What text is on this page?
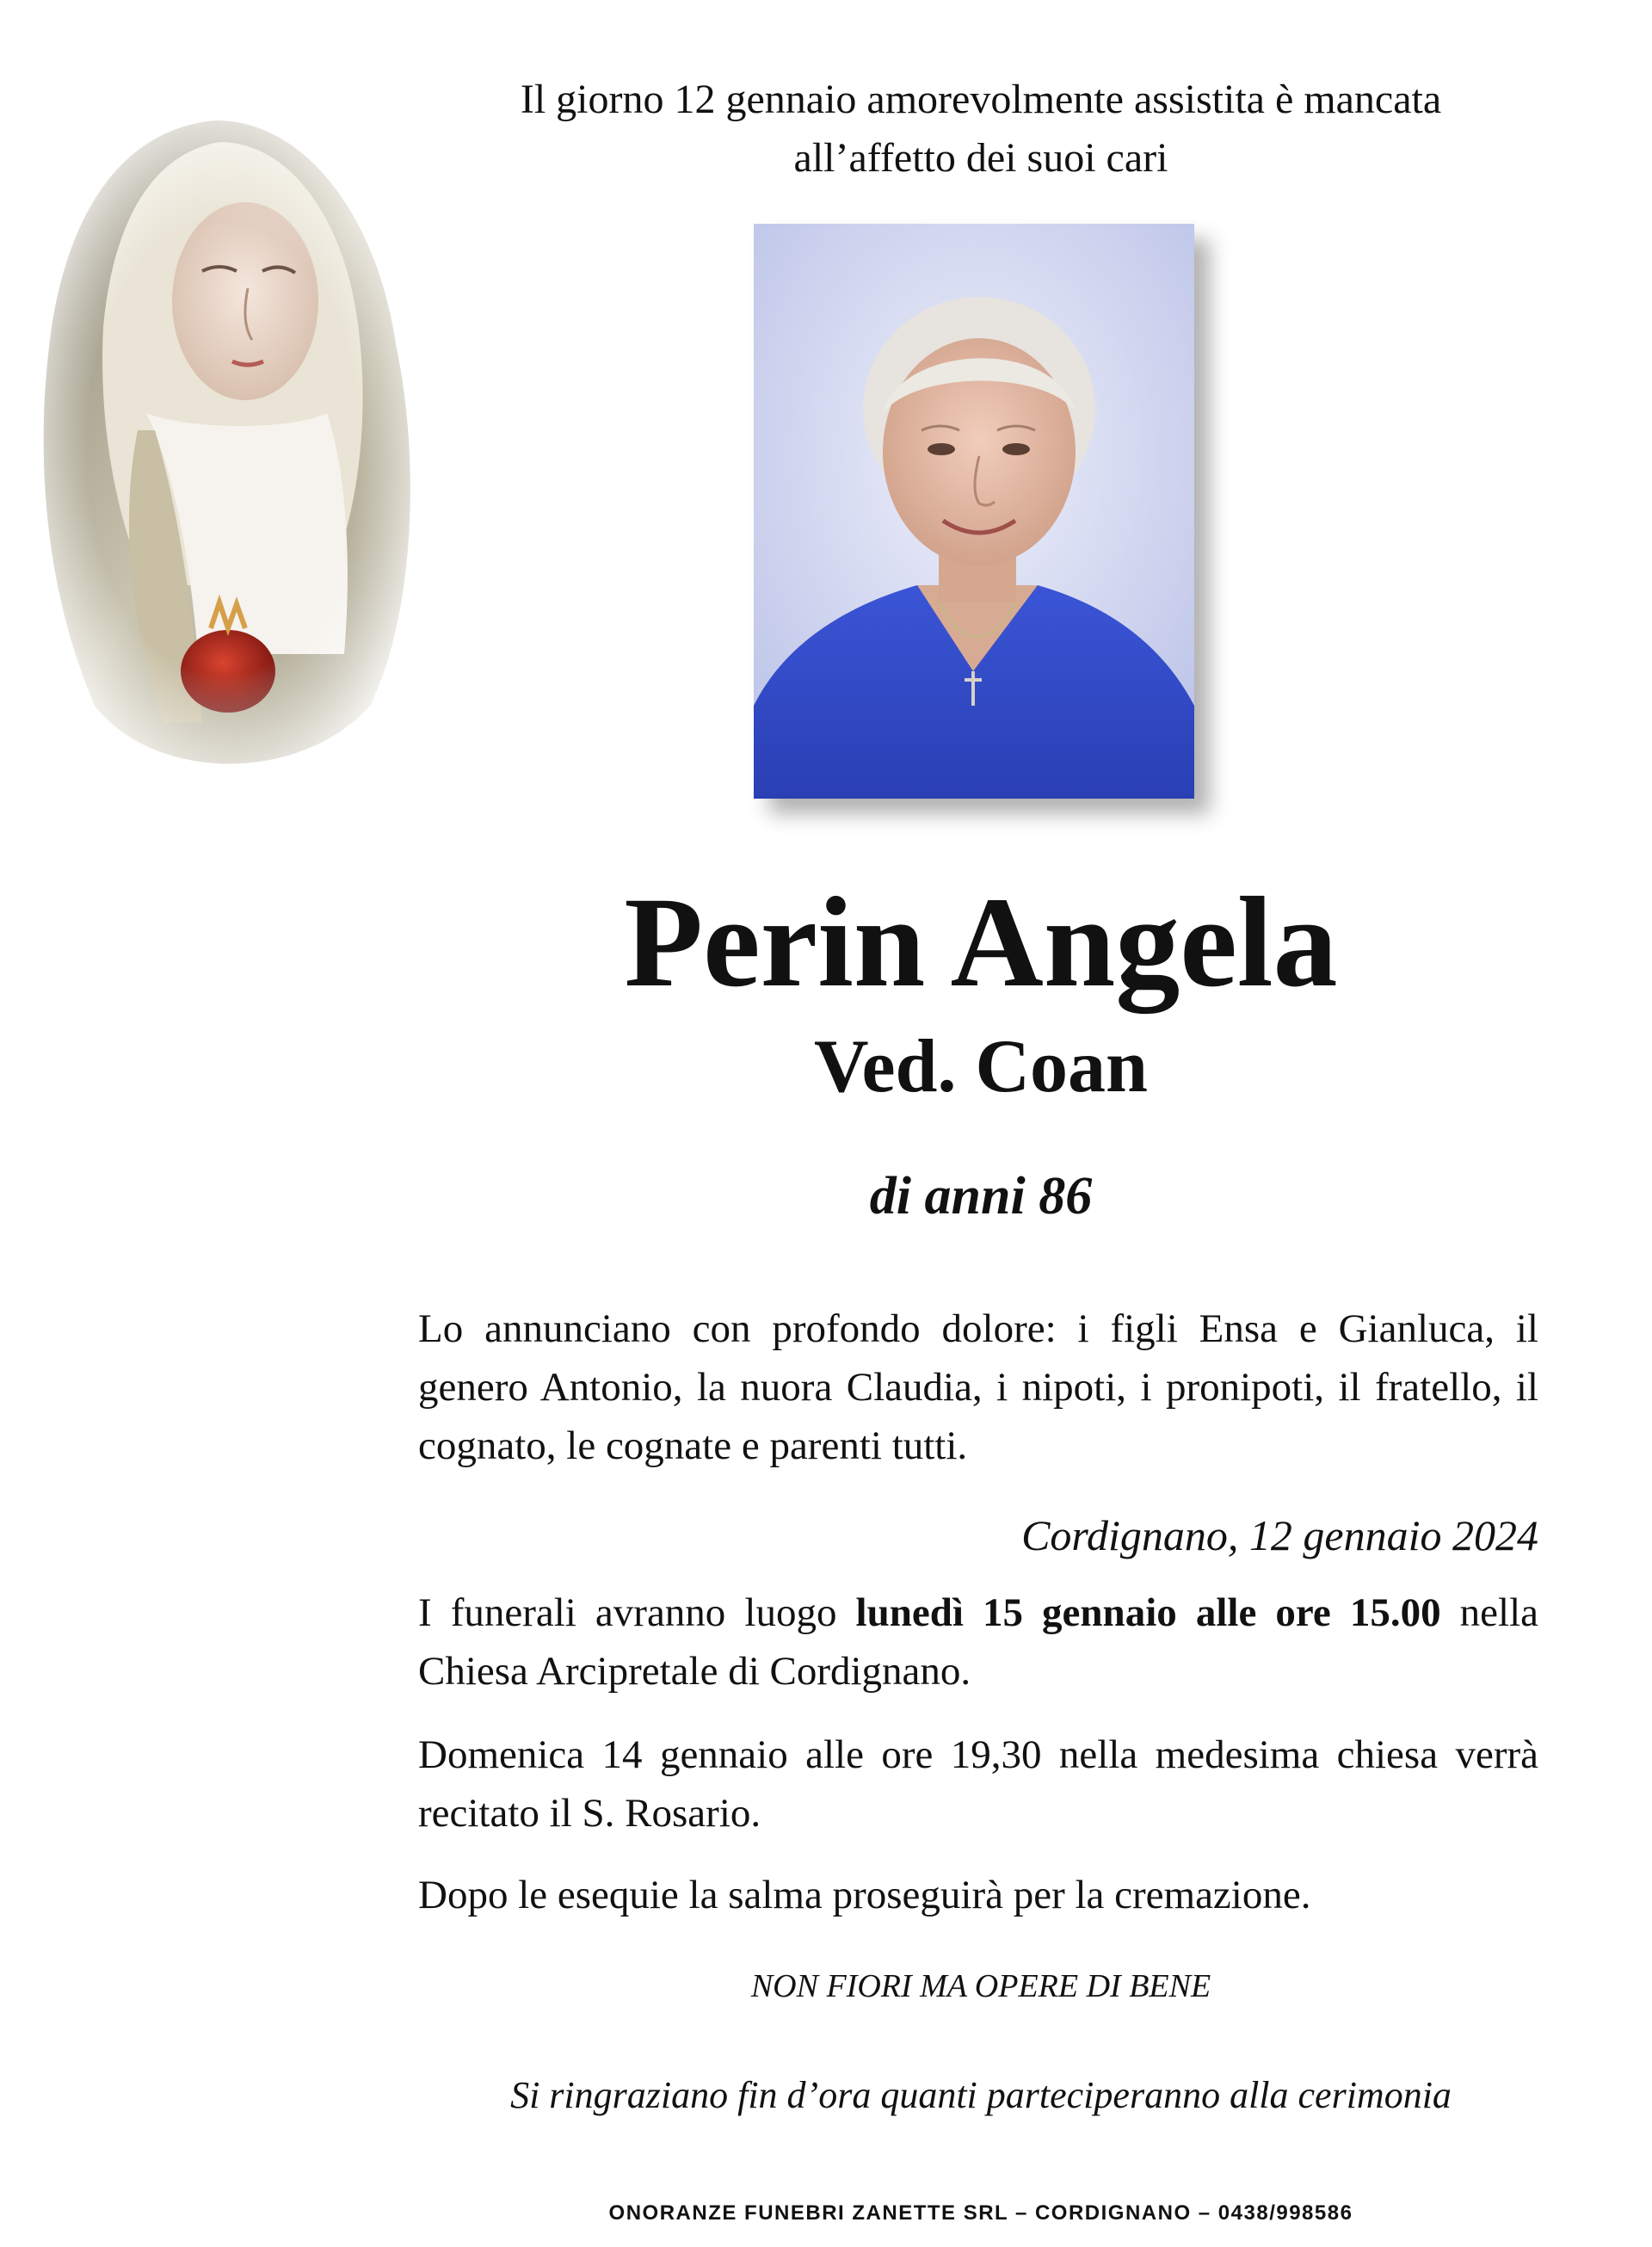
Il giorno 12 gennaio amorevolmente assistita è mancata
all’affetto dei suoi cari
Perin Angela
Ved. Coan
di anni 86
Lo annunciano con profondo dolore: i figli Ensa e Gianluca, il genero Antonio, la nuora Claudia, i nipoti, i pronipoti, il fratello, il cognato, le cognate e parenti tutti.
Cordignano, 12 gennaio 2024
I funerali avranno luogo lunedì 15 gennaio alle ore 15.00 nella Chiesa Arcipretale di Cordignano.
Domenica 14 gennaio alle ore 19,30 nella medesima chiesa verrà recitato il S. Rosario.
Dopo le esequie la salma proseguirà per la cremazione.
NON FIORI MA OPERE DI BENE
Si ringraziano fin d’ora quanti parteciperanno alla cerimonia
ONORANZE FUNEBRI ZANETTE SRL – CORDIGNANO – 0438/998586
